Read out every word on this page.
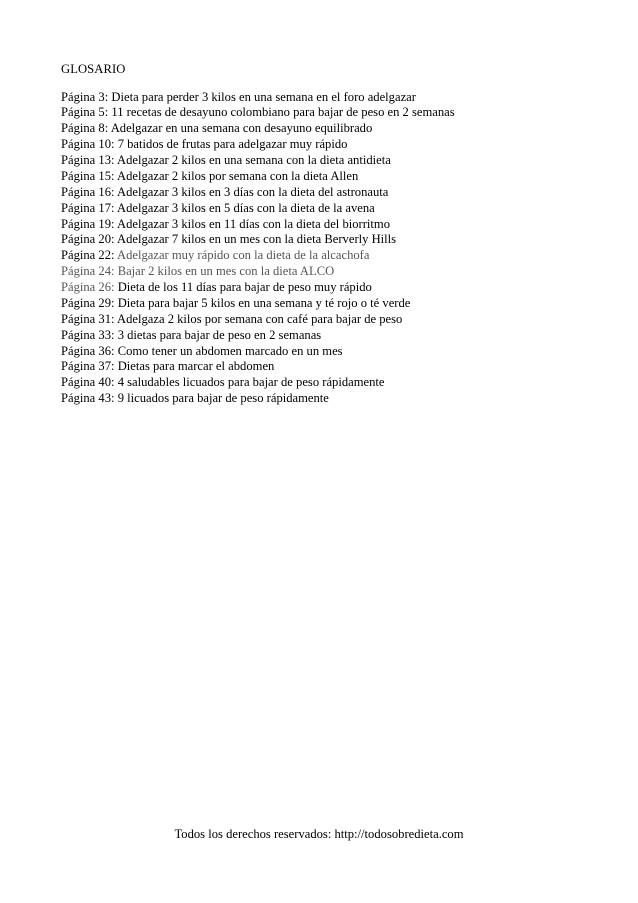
GLOSARIO
Página 3: Dieta para perder 3 kilos en una semana en el foro adelgazar
Página 5: 11 recetas de desayuno colombiano para bajar de peso en 2 semanas
Página 8: Adelgazar en una semana con desayuno equilibrado
Página 10: 7 batidos de frutas para adelgazar muy rápido
Página 13: Adelgazar 2 kilos en una semana con la dieta antidieta
Página 15: Adelgazar 2 kilos por semana con la dieta Allen
Página 16: Adelgazar 3 kilos en 3 días con la dieta del astronauta
Página 17: Adelgazar 3 kilos en 5 días con la dieta de la avena
Página 19: Adelgazar 3 kilos en 11 días con la dieta del biorritmo
Página 20: Adelgazar 7 kilos en un mes con la dieta Berverly Hills
Página 22: Adelgazar muy rápido con la dieta de la alcachofa
Página 24: Bajar 2 kilos en un mes con la dieta ALCO
Página 26: Dieta de los 11 días para bajar de peso muy rápido
Página 29: Dieta para bajar 5 kilos en una semana y té rojo o té verde
Página 31: Adelgaza 2 kilos por semana con café para bajar de peso
Página 33: 3 dietas para bajar de peso en 2 semanas
Página 36: Como tener un abdomen marcado en un mes
Página 37: Dietas para marcar el abdomen
Página 40: 4 saludables licuados para bajar de peso rápidamente
Página 43: 9 licuados para bajar de peso rápidamente
Todos los derechos reservados: http://todosobredieta.com
